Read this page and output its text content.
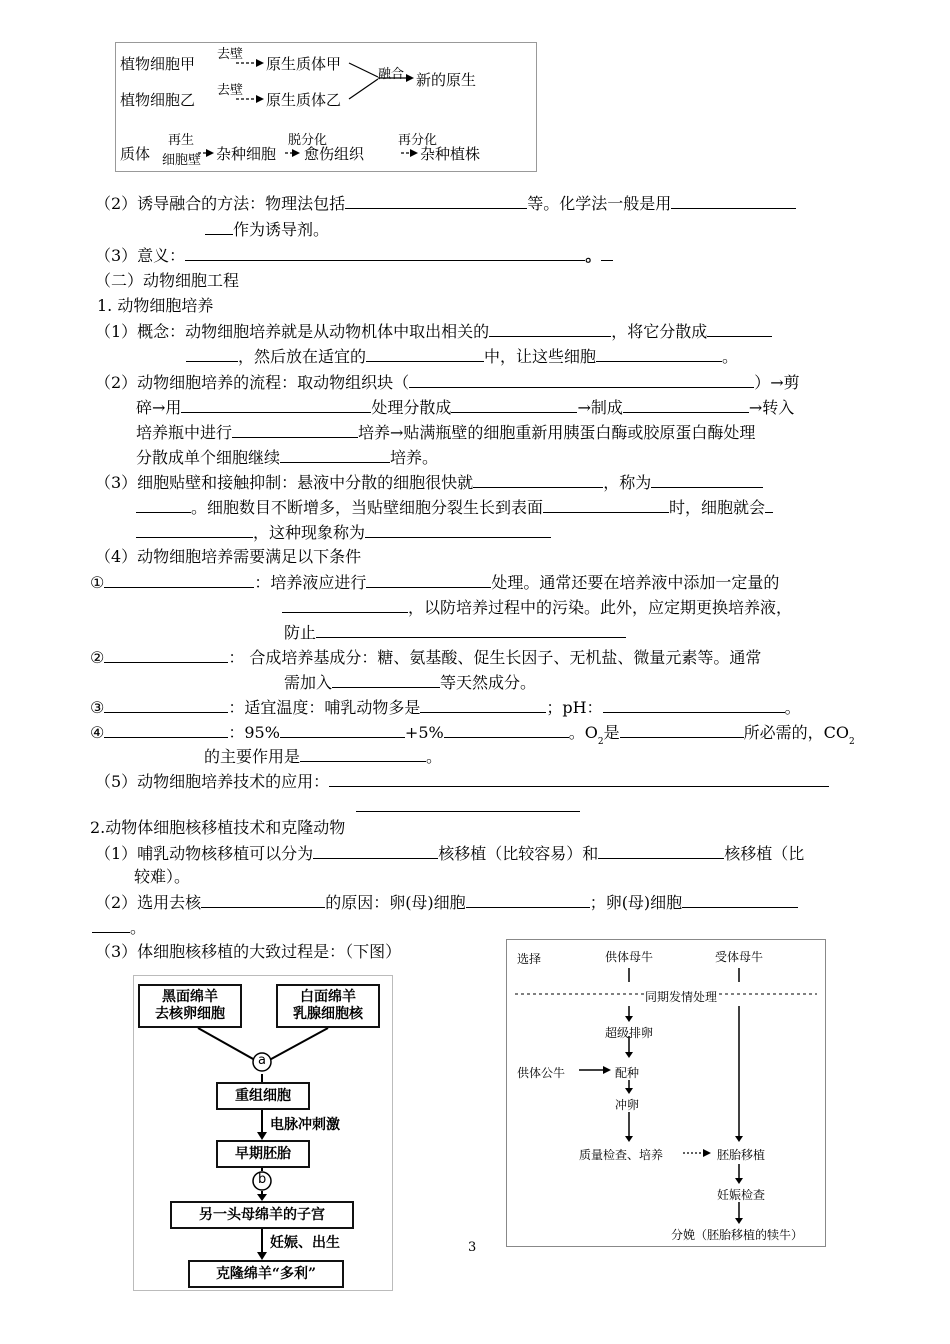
植物细胞甲
去壁
原生质体甲
植物细胞乙
去壁
原生质体乙
融合 新的原生
质体
再生
细胞壁 杂种细胞
脱分化
愈伤组织
再分化
杂种植株
（2）诱导融合的方法：物理法包括	等。化学法一般是用
作为诱导剂。
（3）意义：	。
（二）动物细胞工程
1. 动物细胞培养
（1）概念：动物细胞培养就是从动物机体中取出相关的	，将它分散成
，然后放在适宜的	中，让这些细胞	。
（2）动物细胞培养的流程：取动物组织块（	）→剪
碎→用	处理分散成	→制成	→转入
培养瓶中进行	培养→贴满瓶壁的细胞重新用胰蛋白酶或胶原蛋白酶处理
分散成单个细胞继续	培养。
（3）细胞贴壁和接触抑制：悬液中分散的细胞很快就	，称为
。细胞数目不断增多，当贴壁细胞分裂生长到表面	时，细胞就会
，这种现象称为
（4）动物细胞培养需要满足以下条件
①	：培养液应进行	处理。通常还要在培养液中添加一定量的
，以防培养过程中的污染。此外，应定期更换培养液，
防止
②	： 合成培养基成分：糖、氨基酸、促生长因子、无机盐、微量元素等。通常
需加入	等天然成分。
③	：适宜温度：哺乳动物多是	；pH：	。
④	：95%	+5%	。$O_2$是	所必需的，$CO_2$
的主要作用是	。
（5）动物细胞培养技术的应用：
2.动物体细胞核移植技术和克隆动物
（1）哺乳动物核移植可以分为	核移植（比较容易）和	核移植（比
较难）。
（2）选用去核	的原因：卵(母)细胞	；卵(母)细胞
。
（3）体细胞核移植的大致过程是：（下图）
黑面绵羊
去核卵细胞
白面绵羊
乳腺细胞核
a
重组细胞
电脉冲刺激
早期胚胎
b
另一头母绵羊的子宫
妊娠、出生
克隆绵羊“多利”
3
选择	供体母牛	受体母牛
同期发情处理
超级排卵
供体公牛	配种
冲卵
质量检查、培养	胚胎移植
妊娠检查
分娩（胚胎移植的犊牛）
